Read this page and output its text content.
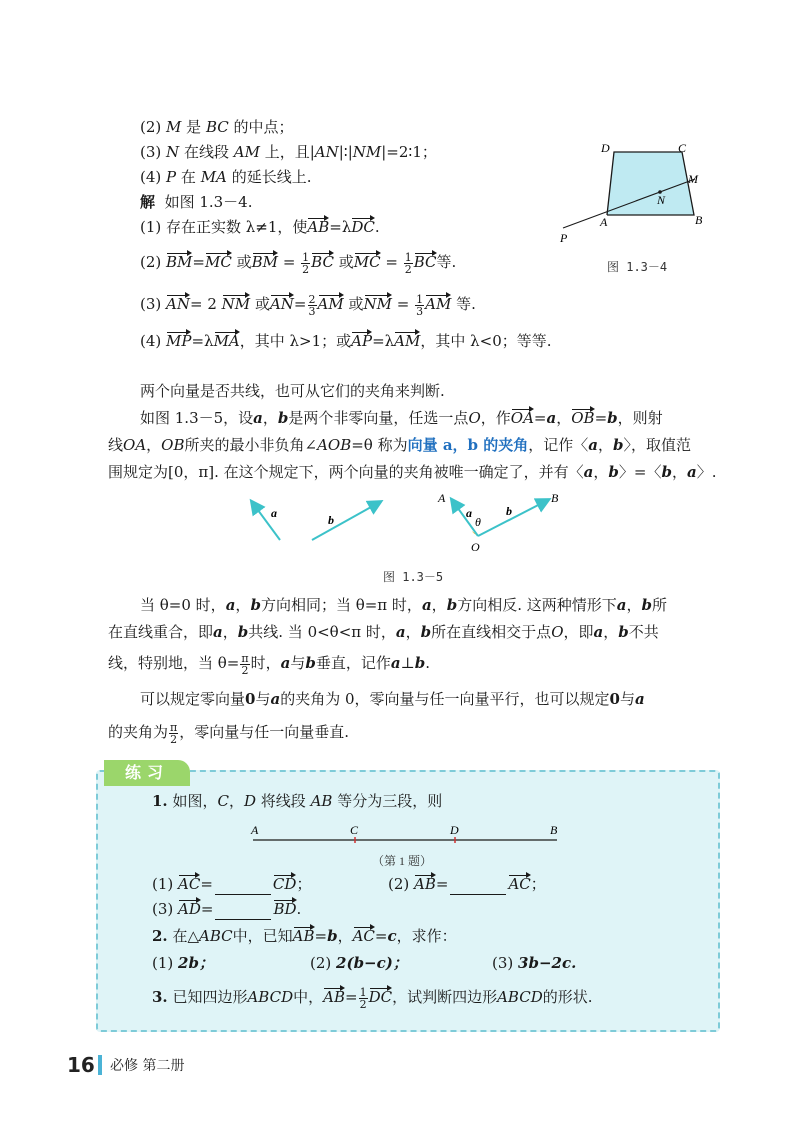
(2) M 是 BC 的中点；
(3) N 在线段 AM 上，且|AN|∶|NM|=2∶1；
(4) P 在 MA 的延长线上.
解 如图 1.3－4.
(1) 存在正实数 λ≠1，使AB=λDC.
(2) BM=MC 或BM = $\frac{1}{2}$ BC 或MC = $\frac{1}{2}$ BC等.
(3) AN= 2 NM 或$AN= \frac{2}{3}$ AM 或NM = $\frac{1}{3}$ AM 等.
(4) MP=λMA，其中 λ>1；或AP=λAM，其中 λ<0；等等.
D	C
M
N
A	B
P
图 1.3－4
两个向量是否共线，也可从它们的夹角来判断.
如图 1.3－5，设a，b是两个非零向量，任选一点O，作OA=a，OB=b，则射
线OA，OB所夹的最小非负角∠AOB=θ 称为向量 a，b 的夹角，记作〈a，b〉，取值范
围规定为[0，π]. 在这个规定下，两个向量的夹角被唯一确定了，并有〈a，b〉=〈b，a〉.
a	b	a	b
θ
A	B
O
图 1.3－5
当 θ=0 时，a，b方向相同；当 θ=π 时，a，b方向相反. 这两种情形下a，b所
在直线重合，即a，b共线. 当 0<θ<π 时，a，b所在直线相交于点O，即a，b不共
线，特别地，当 $\theta= \frac{\pi}{2}$ 时，a与b垂直，记作a⊥b.
可以规定零向量0与a的夹角为 0，零向量与任一向量平行，也可以规定0与a
的夹角为 $\frac{\pi}{2}$ ，零向量与任一向量垂直.
练习
1. 如图，C，D 将线段 AB 等分为三段，则
A	C	D	B
（第 1 题）
(1) AC=	CD；	(2) AB=	AC；
(3) AD=	BD.
2. 在△ABC中，已知AB=b，AC=c，求作：
(1) 2b；	(2) 2(b−c)；	(3) 3b−2c.
3. 已知四边形ABCD中，$AB= \frac{1}{2}$ DC，试判断四边形ABCD的形状.
16 必修 第二册
